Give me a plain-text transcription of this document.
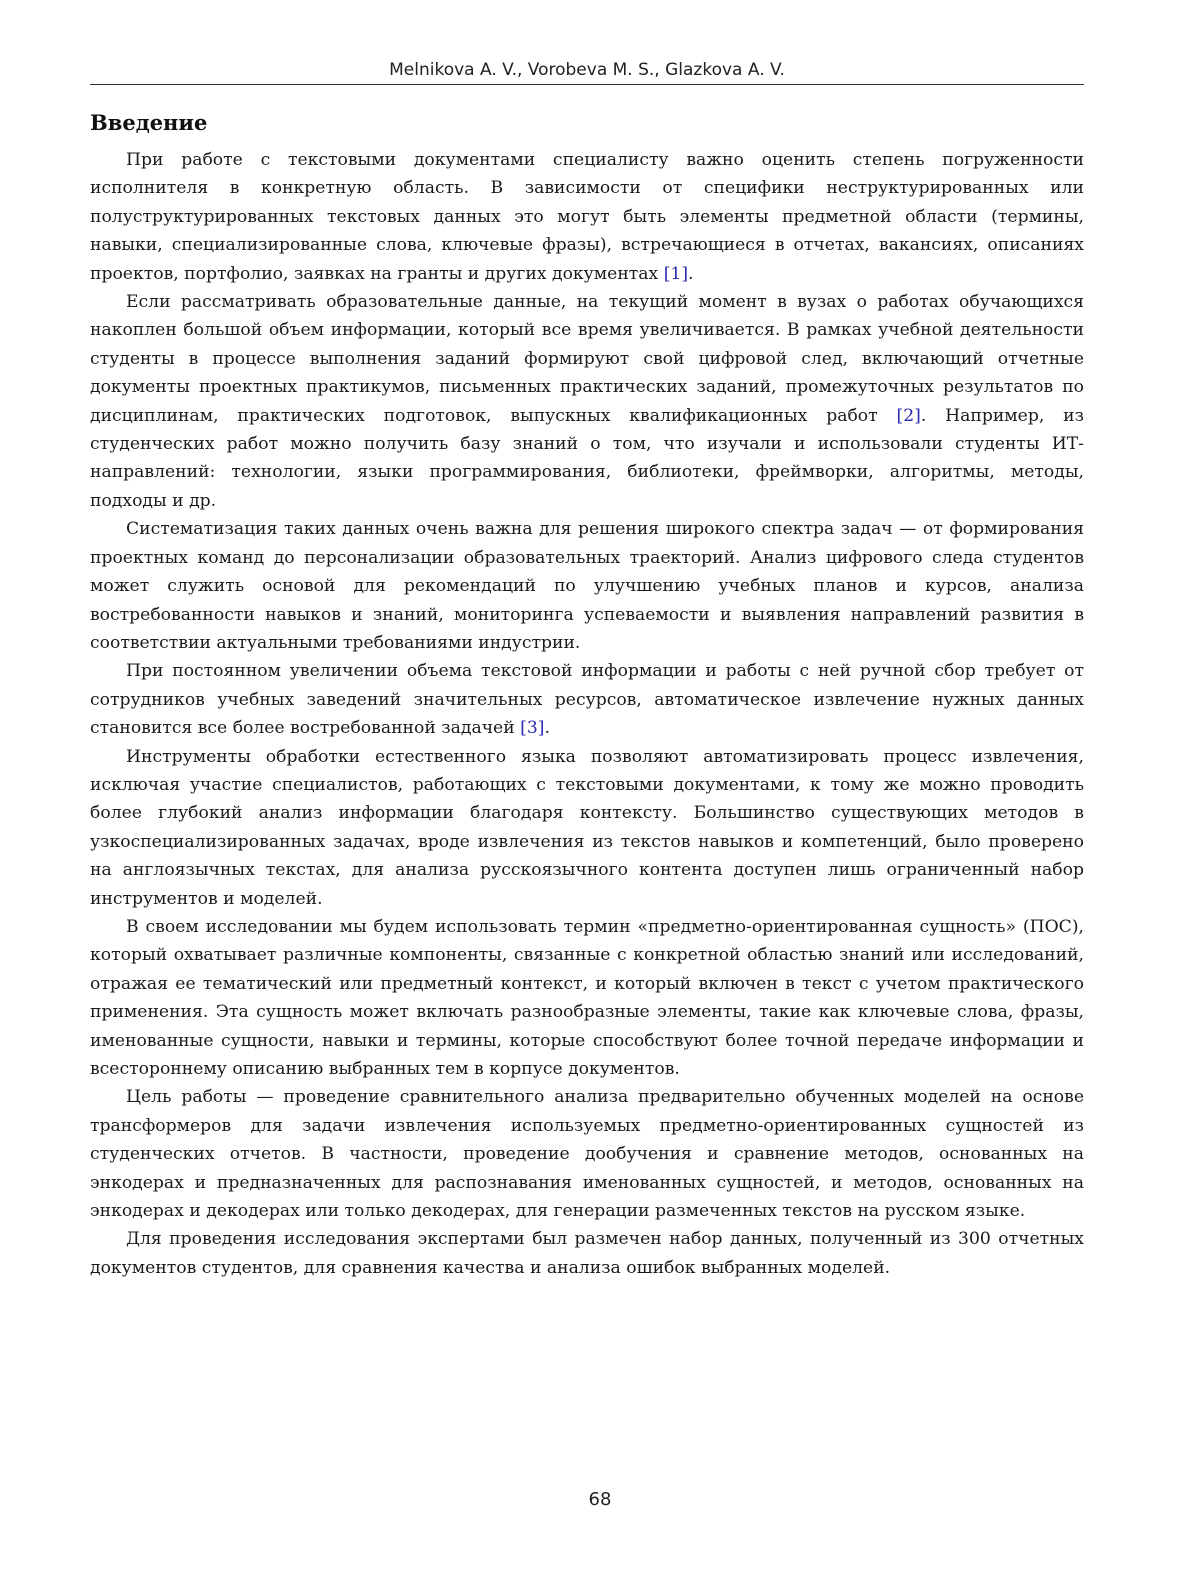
Melnikova A. V., Vorobeva M. S., Glazkova A. V.
Введение

При работе с текстовыми документами специалисту важно оценить степень погруженности исполнителя в конкретную область. В зависимости от специфики неструктурированных или полуструктурированных текстовых данных это могут быть элементы предметной области (термины, навыки, специализированные слова, ключевые фразы), встречающиеся в отчетах, вакансиях, описаниях проектов, портфолио, заявках на гранты и других документах [1].

Если рассматривать образовательные данные, на текущий момент в вузах о работах обучающихся накоплен большой объем информации, который все время увеличивается. В рамках учебной деятельности студенты в процессе выполнения заданий формируют свой цифровой след, включающий отчетные документы проектных практикумов, письменных практических заданий, промежуточных результатов по дисциплинам, практических подготовок, выпускных квалификационных работ [2]. Например, из студенческих работ можно получить базу знаний о том, что изучали и использовали студенты ИТ-направлений: технологии, языки программирования, библиотеки, фреймворки, алгоритмы, методы, подходы и др.

Систематизация таких данных очень важна для решения широкого спектра задач — от формирования проектных команд до персонализации образовательных траекторий. Анализ цифрового следа студентов может служить основой для рекомендаций по улучшению учебных планов и курсов, анализа востребованности навыков и знаний, мониторинга успеваемости и выявления направлений развития в соответствии актуальными требованиями индустрии.

При постоянном увеличении объема текстовой информации и работы с ней ручной сбор требует от сотрудников учебных заведений значительных ресурсов, автоматическое извлечение нужных данных становится все более востребованной задачей [3].

Инструменты обработки естественного языка позволяют автоматизировать процесс извлечения, исключая участие специалистов, работающих с текстовыми документами, к тому же можно проводить более глубокий анализ информации благодаря контексту. Большинство существующих методов в узкоспециализированных задачах, вроде извлечения из текстов навыков и компетенций, было проверено на англоязычных текстах, для анализа русскоязычного контента доступен лишь ограниченный набор инструментов и моделей.

В своем исследовании мы будем использовать термин «предметно-ориентированная сущность» (ПОС), который охватывает различные компоненты, связанные с конкретной областью знаний или исследований, отражая ее тематический или предметный контекст, и который включен в текст с учетом практического применения. Эта сущность может включать разнообразные элементы, такие как ключевые слова, фразы, именованные сущности, навыки и термины, которые способствуют более точной передаче информации и всестороннему описанию выбранных тем в корпусе документов.

Цель работы — проведение сравнительного анализа предварительно обученных моделей на основе трансформеров для задачи извлечения используемых предметно-ориентированных сущностей из студенческих отчетов. В частности, проведение дообучения и сравнение методов, основанных на энкодерах и предназначенных для распознавания именованных сущностей, и методов, основанных на энкодерах и декодерах или только декодерах, для генерации размеченных текстов на русском языке.

Для проведения исследования экспертами был размечен набор данных, полученный из 300 отчетных документов студентов, для сравнения качества и анализа ошибок выбранных моделей.

68
